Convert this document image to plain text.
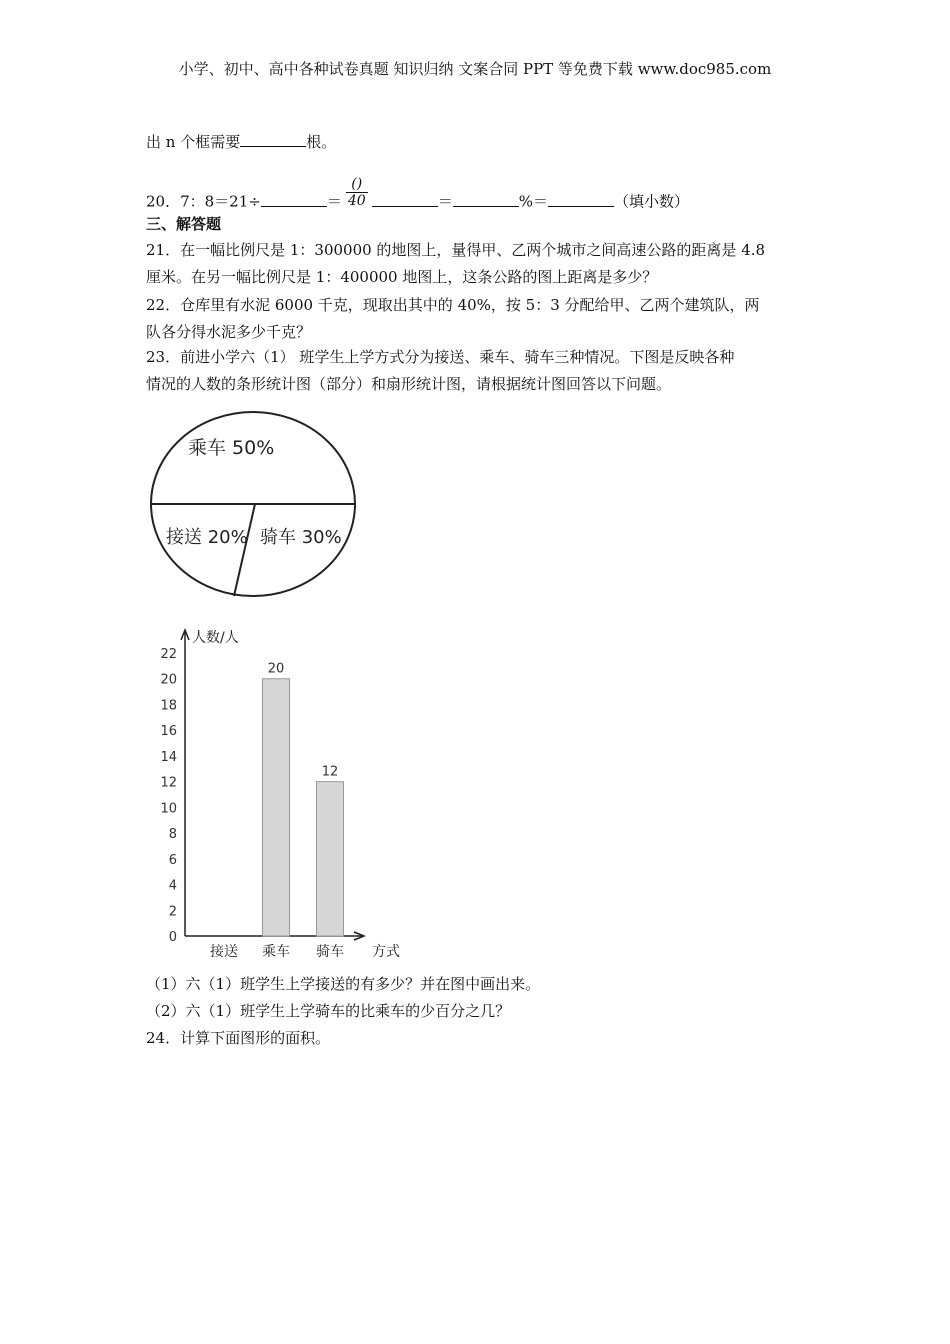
小学、初中、高中各种试卷真题 知识归纳 文案合同 PPT 等免费下载 www.doc985.com
出 n 个框需要	根。
20．7：8＝21÷	＝ $\frac{()}{40}$	＝	%＝	（填小数）
三、解答题
21．在一幅比例尺是 1：300000 的地图上，量得甲、乙两个城市之间高速公路的距离是 4.8
厘米。在另一幅比例尺是 1：400000 地图上，这条公路的图上距离是多少？
22．仓库里有水泥 6000 千克，现取出其中的 40%，按 5：3 分配给甲、乙两个建筑队，两
队各分得水泥多少千克？
23．前进小学六（1） 班学生上学方式分为接送、乘车、骑车三种情况。下图是反映各种
情况的人数的条形统计图（部分）和扇形统计图，请根据统计图回答以下问题。
乘车 50%
接送 20% 骑车 30%
0
2
4
6
8
10
12
14
16
18
20
22
人数/人
方式
接送 乘车
20
骑车
12
（1）六（1）班学生上学接送的有多少？并在图中画出来。
（2）六（1）班学生上学骑车的比乘车的少百分之几？
24．计算下面图形的面积。
